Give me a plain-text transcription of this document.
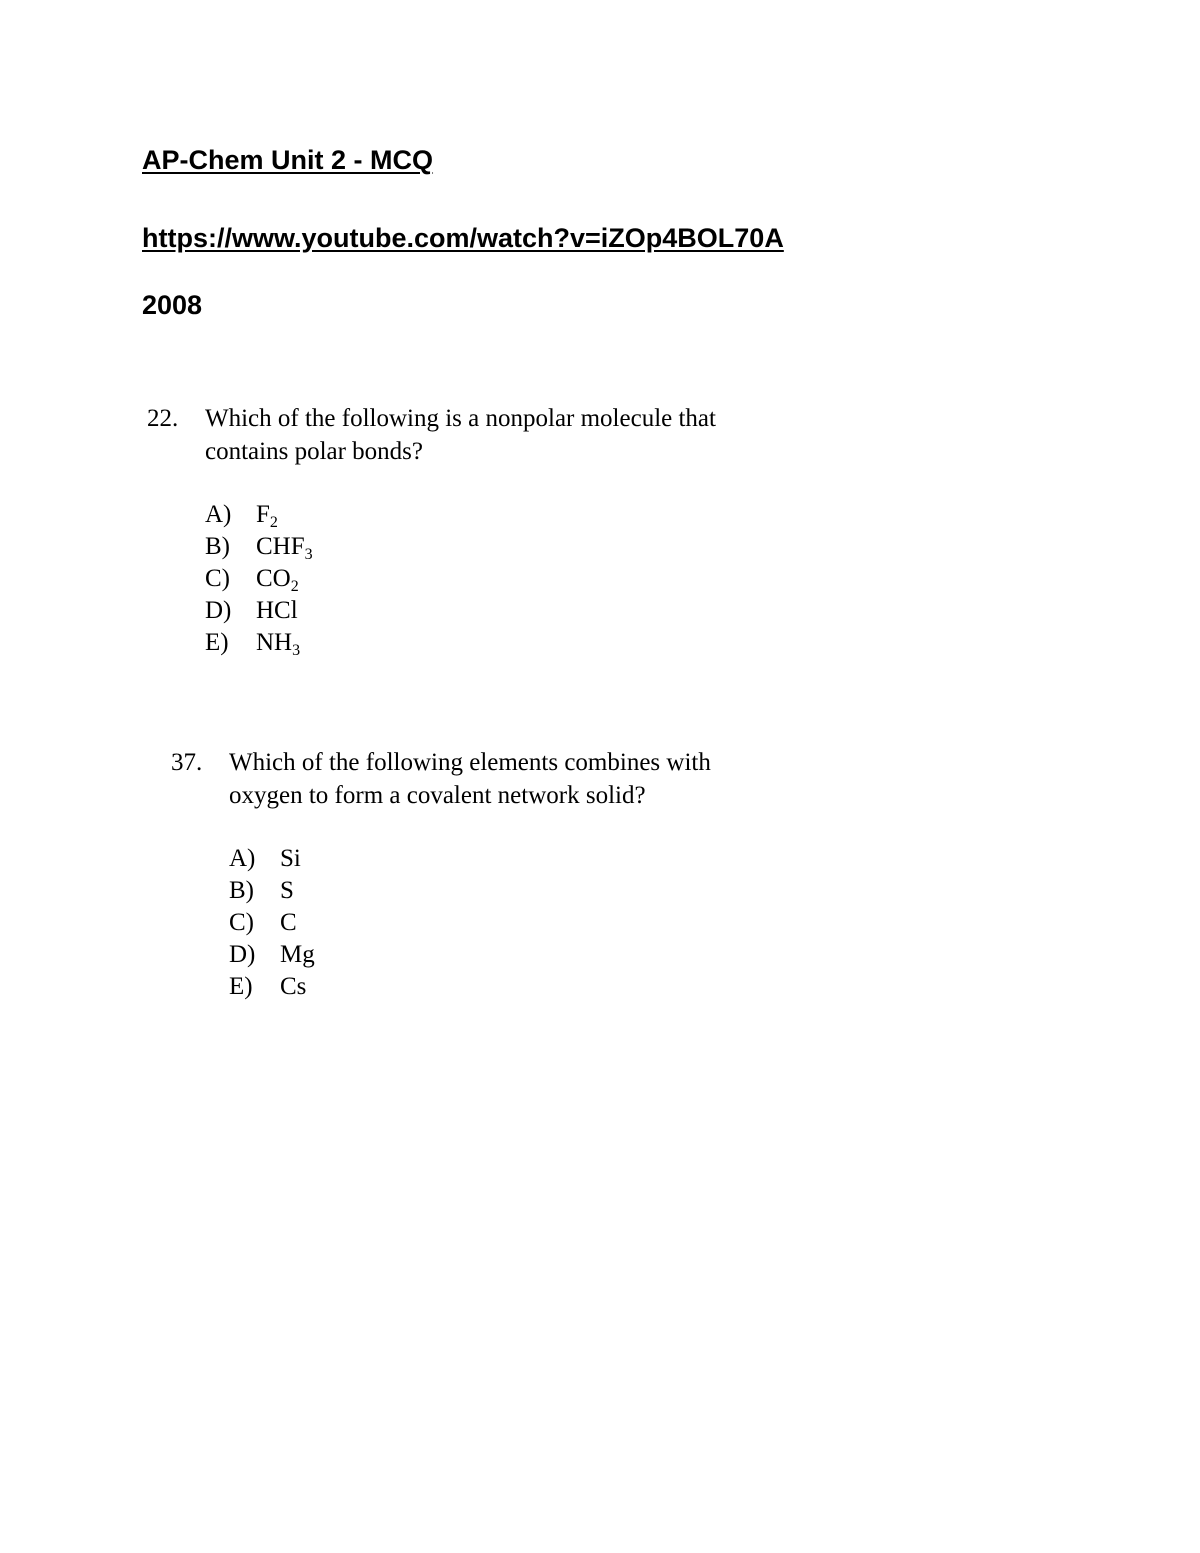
AP-Chem Unit 2 - MCQ
https://www.youtube.com/watch?v=iZOp4BOL70A
2008
22.	Which of the following is a nonpolar molecule that contains polar bonds?
A) $F_2$
B)	$CHF_3$
C)	$CO_2$
D) HCl
E)	$NH_3$
37.	Which of the following elements combines with oxygen to form a covalent network solid?
A) Si
B)	S
C)	C
D) Mg
E)	Cs
